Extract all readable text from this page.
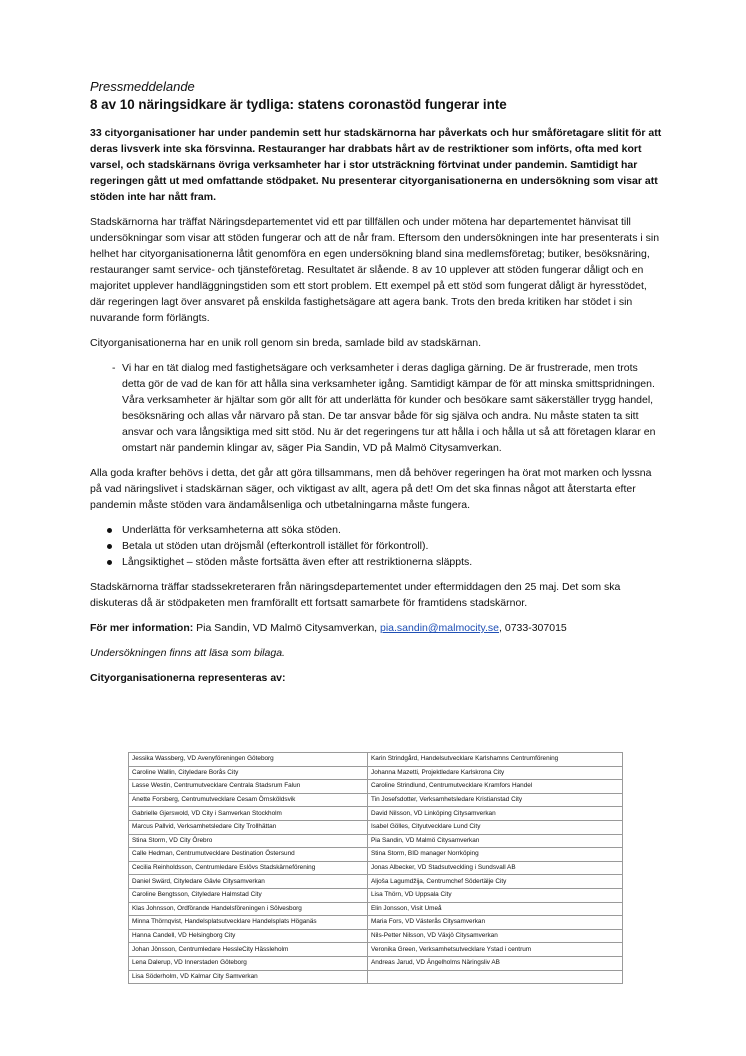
Pressmeddelande

8 av 10 näringsidkare är tydliga: statens coronastöd fungerar inte

33 cityorganisationer har under pandemin sett hur stadskärnorna har påverkats och hur småföretagare slitit för att deras livsverk inte ska försvinna. Restauranger har drabbats hårt av de restriktioner som införts, ofta med kort varsel, och stadskärnans övriga verksamheter har i stor utsträckning förtvinat under pandemin. Samtidigt har regeringen gått ut med omfattande stödpaket. Nu presenterar cityorganisationerna en undersökning som visar att stöden inte har nått fram.

Stadskärnorna har träffat Näringsdepartementet vid ett par tillfällen och under mötena har departementet hänvisat till undersökningar som visar att stöden fungerar och att de når fram. Eftersom den undersökningen inte har presenterats i sin helhet har cityorganisationerna låtit genomföra en egen undersökning bland sina medlemsföretag; butiker, besöksnäring, restauranger samt service- och tjänsteföretag. Resultatet är slående. 8 av 10 upplever att stöden fungerar dåligt och en majoritet upplever handläggningstiden som ett stort problem. Ett exempel på ett stöd som fungerat dåligt är hyresstödet, där regeringen lagt över ansvaret på enskilda fastighetsägare att agera bank. Trots den breda kritiken har stödet i sin nuvarande form förlängts.

Cityorganisationerna har en unik roll genom sin breda, samlade bild av stadskärnan.

- Vi har en tät dialog med fastighetsägare och verksamheter i deras dagliga gärning. De är frustrerade, men trots detta gör de vad de kan för att hålla sina verksamheter igång. Samtidigt kämpar de för att minska smittspridningen. Våra verksamheter är hjältar som gör allt för att underlätta för kunder och besökare samt säkerställer trygg handel, besöksnäring och allas vår närvaro på stan. De tar ansvar både för sig själva och andra. Nu måste staten ta sitt ansvar och vara långsiktiga med sitt stöd. Nu är det regeringens tur att hålla i och hålla ut så att företagen klarar en omstart när pandemin klingar av, säger Pia Sandin, VD på Malmö Citysamverkan.

Alla goda krafter behövs i detta, det går att göra tillsammans, men då behöver regeringen ha örat mot marken och lyssna på vad näringslivet i stadskärnan säger, och viktigast av allt, agera på det! Om det ska finnas något att återstarta efter pandemin måste stöden vara ändamålsenliga och utbetalningarna måste fungera.

Underlätta för verksamheterna att söka stöden.
Betala ut stöden utan dröjsmål (efterkontroll istället för förkontroll).
Långsiktighet – stöden måste fortsätta även efter att restriktionerna släppts.

Stadskärnorna träffar stadssekreteraren från näringsdepartementet under eftermiddagen den 25 maj. Det som ska diskuteras då är stödpaketen men framförallt ett fortsatt samarbete för framtidens stadskärnor.

För mer information: Pia Sandin, VD Malmö Citysamverkan, pia.sandin@malmocity.se, 0733-307015

Undersökningen finns att läsa som bilaga.

Cityorganisationerna representeras av:

Jessika Wassberg, VD Avenyföreningen Göteborg	Karin Strindgård, Handelsutvecklare Karlshamns Centrumförening
Caroline Wallin, Cityledare Borås City	Johanna Mazetti, Projektledare Karlskrona City
Lasse Westin, Centrumutvecklare Centrala Stadsrum Falun	Caroline Strindlund, Centrumutvecklare Kramfors Handel
Anette Forsberg, Centrumutvecklare Cesam Örnsköldsvik	Tin Josefsdotter, Verksamhetsledare Kristianstad City
Gabrielle Gjerswold, VD City i Samverkan Stockholm	David Nilsson, VD Linköping Citysamverkan
Marcus Pallvid, Verksamhetsledare City Trollhättan	Isabel Gölles, Cityutvecklare Lund City
Stina Storm, VD City Örebro	Pia Sandin, VD Malmö Citysamverkan
Calle Hedman, Centrumutvecklare Destination Östersund	Stina Storm, BID manager Norrköping
Cecilia Reinholdsson, Centrumledare Eslövs Stadskärneförening	Jonas Albecker, VD Stadsutveckling i Sundsvall AB
Daniel Swärd, Cityledare Gävle Citysamverkan	Aljoša Lagumdžija, Centrumchef Södertälje City
Caroline Bengtsson, Cityledare Halmstad City	Lisa Thörn, VD Uppsala City
Klas Johnsson, Ordförande Handelsföreningen i Sölvesborg	Elin Jonsson, Visit Umeå
Minna Thörnqvist, Handelsplatsutvecklare Handelsplats Höganäs	Maria Fors, VD Västerås Citysamverkan
Hanna Candell, VD Helsingborg City	Nils-Petter Nilsson, VD Växjö Citysamverkan
Johan Jönsson, Centrumledare HessleCity Hässleholm	Veronika Green, Verksamhetsutvecklare Ystad i centrum
Lena Dalerup, VD Innerstaden Göteborg	Andreas Jarud, VD Ängelholms Näringsliv AB
Lisa Söderholm, VD Kalmar City Samverkan	
